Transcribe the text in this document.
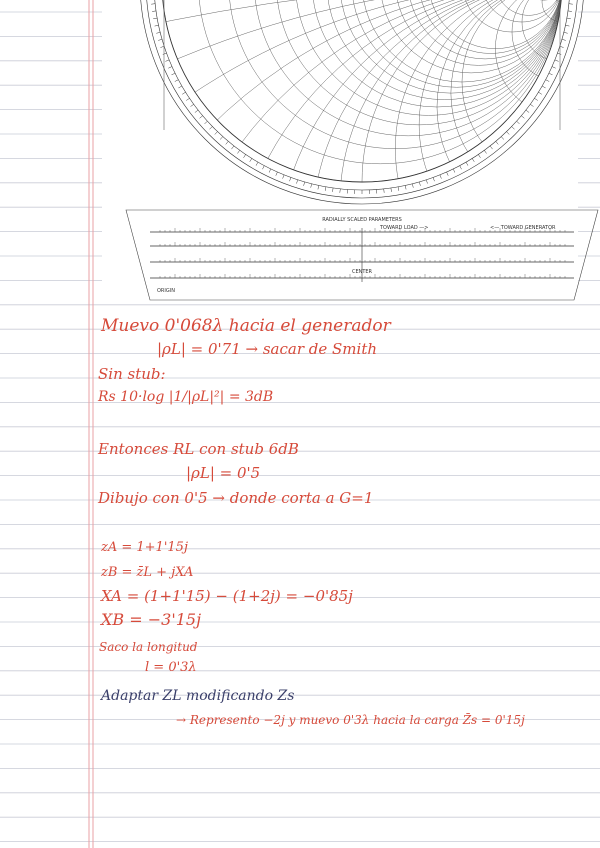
RADIALLY SCALED PARAMETERS
TOWARD LOAD —>	<— TOWARD GENERATOR
CENTER
ORIGIN

Muevo 0'068λ hacia el generador

|ρL| = 0'71 → sacar de Smith

Sin stub:

Rs 10·log |1/|ρL|²| = 3dB

Entonces RL con stub 6dB

|ρL| = 0'5

Dibujo con 0'5 → donde corta a G=1

zA = 1+1'15j

zB = z̄L + jXA

XA = (1+1'15) − (1+2j) = −0'85j

XB = −3'15j

Saco la longitud

l = 0'3λ

Adaptar ZL modificando Zs

→ Represento −2j y muevo 0'3λ hacia la carga Z̄s = 0'15j
